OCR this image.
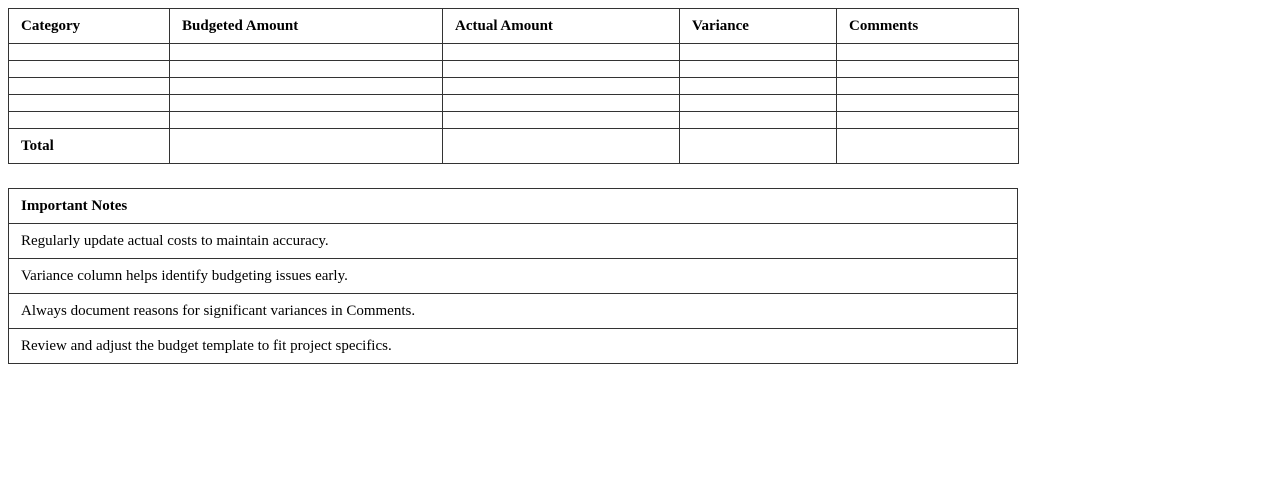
Category	Budgeted Amount	Actual Amount	Variance	Comments

Total				
Important Notes
Regularly update actual costs to maintain accuracy.
Variance column helps identify budgeting issues early.
Always document reasons for significant variances in Comments.
Review and adjust the budget template to fit project specifics.
